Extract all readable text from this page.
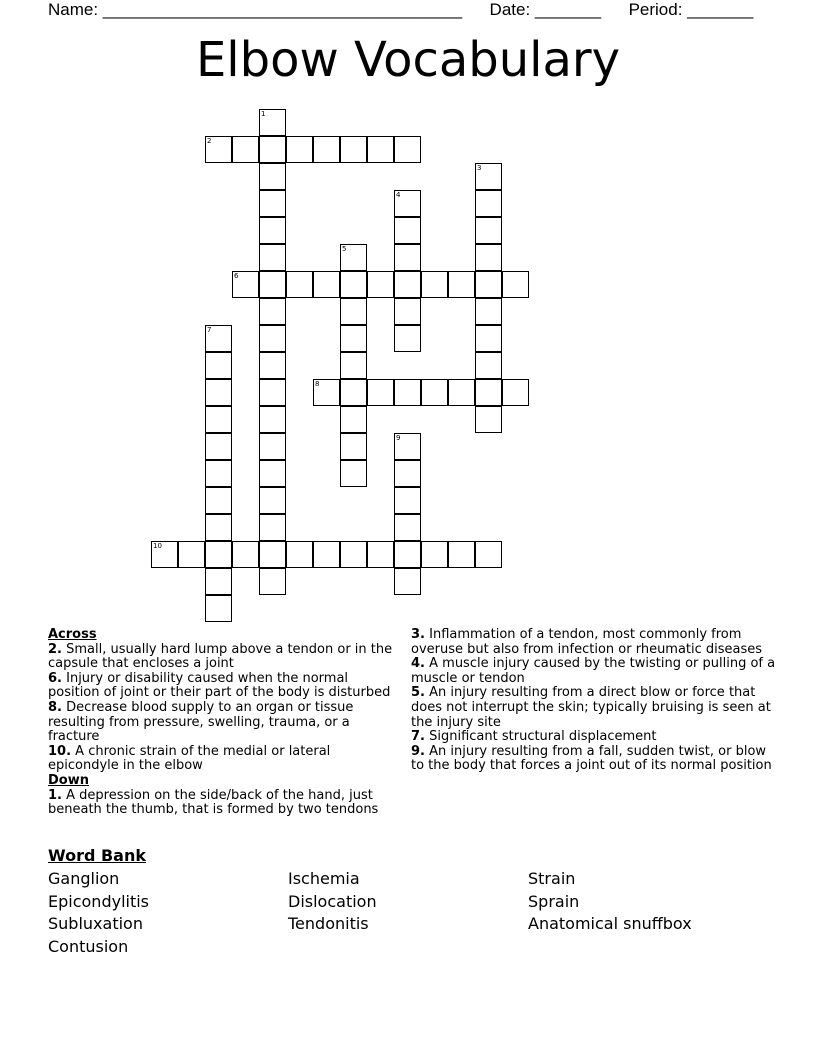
Name: ______________________________________ Date: _______ Period: _______
Elbow Vocabulary
1
2
3
4
5
6
7
8
9
10
Across

2. Small, usually hard lump above a tendon or in the capsule that encloses a joint

6. Injury or disability caused when the normal position of joint or their part of the body is disturbed

8. Decrease blood supply to an organ or tissue resulting from pressure, swelling, trauma, or a fracture

10. A chronic strain of the medial or lateral epicondyle in the elbow

Down

1. A depression on the side/back of the hand, just beneath the thumb, that is formed by two tendons

3. Inflammation of a tendon, most commonly from overuse but also from infection or rheumatic diseases

4. A muscle injury caused by the twisting or pulling of a muscle or tendon

5. An injury resulting from a direct blow or force that does not interrupt the skin; typically bruising is seen at the injury site

7. Significant structural displacement

9. An injury resulting from a fall, sudden twist, or blow to the body that forces a joint out of its normal position

Word Bank
Ganglion
Epicondylitis
Subluxation
Contusion
Ischemia
Dislocation
Tendonitis
Strain
Sprain
Anatomical snuffbox
